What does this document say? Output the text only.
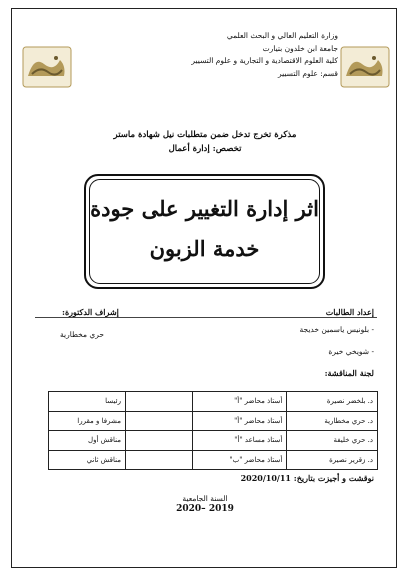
وزارة التعليم العالي و البحث العلمي
جامعة ابن خلدون بتيارت
كلية العلوم الاقتصادية و التجارية و علوم التسيير
قسم: علوم التسيير
مذكرة تخرج تدخل ضمن متطلبات نيل شهادة ماستر
تخصص: إدارة أعمال
اثر إدارة التغيير على جودة
خدمة الزبون
إعداد الطالبات
إشراف الدكتورة:
- بلونيس ياسمين خديجة
- شويخي خيرة
حري مخطارية
لجنة المناقشة:
د. بلخضر نصيرة	أستاذ محاضر "أ"		رئيسا
د. حري مخطارية	أستاذ محاضر "أ"		مشرفا و مقررا
د. حري خليفة	أستاذ مساعد "أ"		مناقش أول
د. زقرير نصيرة	أستاذ محاضر "ب"		مناقش ثاني
نوقشت و أجيزت بتاريخ: 2020/10/11
السنة الجامعية
2019 –2020
